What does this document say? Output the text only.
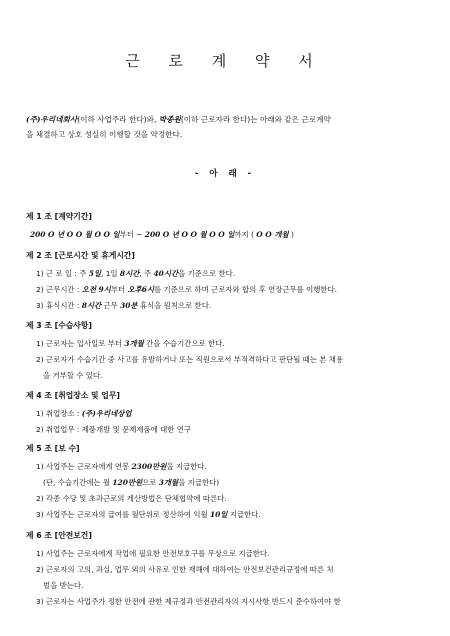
근 로 계 약 서
(주)우리네회사(이하 사업주라 한다)와, 박종원(이하 근로자라 한다)는 아래와 같은 근로계약
을 체결하고 상호 성실히 이행할 것을 약정한다.
- 아 래 -
제 1 조 [계약기간]
200 O 년 O O 월 O O 일부터 ~ 200 O 년 O O 월 O O 일까지 ( O O 개월 )
제 2 조 [근로시간 및 휴게시간]
1) 근 로 일 : 주 5일, 1일 8시간, 주 40시간을 기준으로 한다.
2) 근무시간 : 오전 9시부터 오후6시를 기준으로 하며 근로자와 합의 후 연장근무를 이행한다.
3) 휴식시간 : 8시간 근무 30분 휴식을 원칙으로 한다.
제 3 조 [수습사항]
1) 근로자는 입사일로 부터 3개월 간을 수습기간으로 한다.
2) 근로자가 수습기간 중 사고를 유발하거나 또는 직원으로서 부적격하다고 판단될 때는 본 채용
을 거부할 수 있다.
제 4 조 [취업장소 및 업무]
1) 취업장소 : (주)우리네상업
2) 취업업무 : 제품개발 및 문제제품에 대한 연구
제 5 조 [보 수]
1) 사업주는 근로자에게 연봉 2300만원을 지급한다.
(단, 수습기간에는 월 120만원으로 3개월을 지급한다)
2) 각종 수당 및 초과근로의 계산방법은 단체협약에 따른다.
3) 사업주는 근로자의 급여를 월단위로 정산하여 익월 10일 지급한다.
제 6 조 [안전보건]
1) 사업주는 근로자에게 작업에 필요한 안전보호구를 무상으로 지급한다.
2) 근로자의 고의, 과실, 업무 외의 사유로 인한 재해에 대하여는 안전보건관리규정에 따른 처
벌을 받는다.
3) 근로자는 사업주가 정한 안전에 관한 제규정과 안전관리자의 지시사항 반드시 준수하여야 한
